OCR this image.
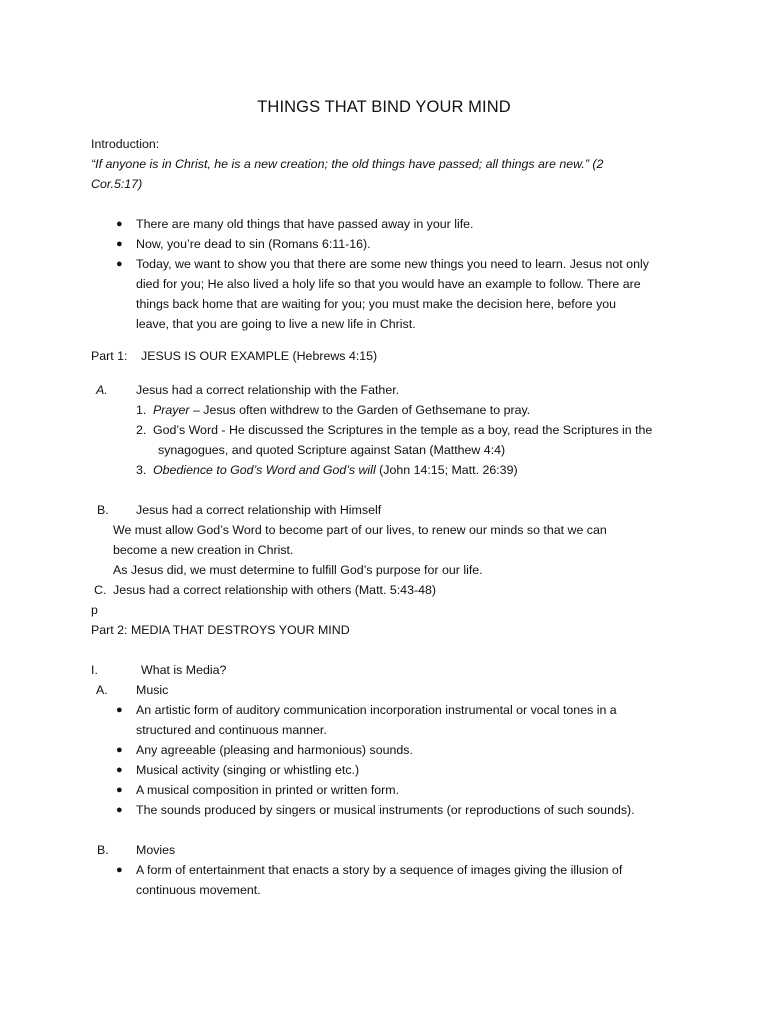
THINGS THAT BIND YOUR MIND
Introduction:
“If anyone is in Christ, he is a new creation; the old things have passed; all things are new.” (2
Cor.5:17)
● There are many old things that have passed away in your life.
● Now, you’re dead to sin (Romans 6:11-16).
● Today, we want to show you that there are some new things you need to learn. Jesus not only
died for you; He also lived a holy life so that you would have an example to follow. There are
things back home that are waiting for you; you must make the decision here, before you
leave, that you are going to live a new life in Christ.
Part 1: JESUS IS OUR EXAMPLE (Hebrews 4:15)
A. Jesus had a correct relationship with the Father.
1. Prayer – Jesus often withdrew to the Garden of Gethsemane to pray.
2. God’s Word - He discussed the Scriptures in the temple as a boy, read the Scriptures in the
synagogues, and quoted Scripture against Satan (Matthew 4:4)
3. Obedience to God’s Word and God’s will (John 14:15; Matt. 26:39)
B. Jesus had a correct relationship with Himself
We must allow God’s Word to become part of our lives, to renew our minds so that we can
become a new creation in Christ.
As Jesus did, we must determine to fulfill God’s purpose for our life.
C. Jesus had a correct relationship with others (Matt. 5:43-48)
p
Part 2: MEDIA THAT DESTROYS YOUR MIND
I.	What is Media?
A. Music
● An artistic form of auditory communication incorporation instrumental or vocal tones in a
structured and continuous manner.
● Any agreeable (pleasing and harmonious) sounds.
● Musical activity (singing or whistling etc.)
● A musical composition in printed or written form.
● The sounds produced by singers or musical instruments (or reproductions of such sounds).
B. Movies
● A form of entertainment that enacts a story by a sequence of images giving the illusion of
continuous movement.
